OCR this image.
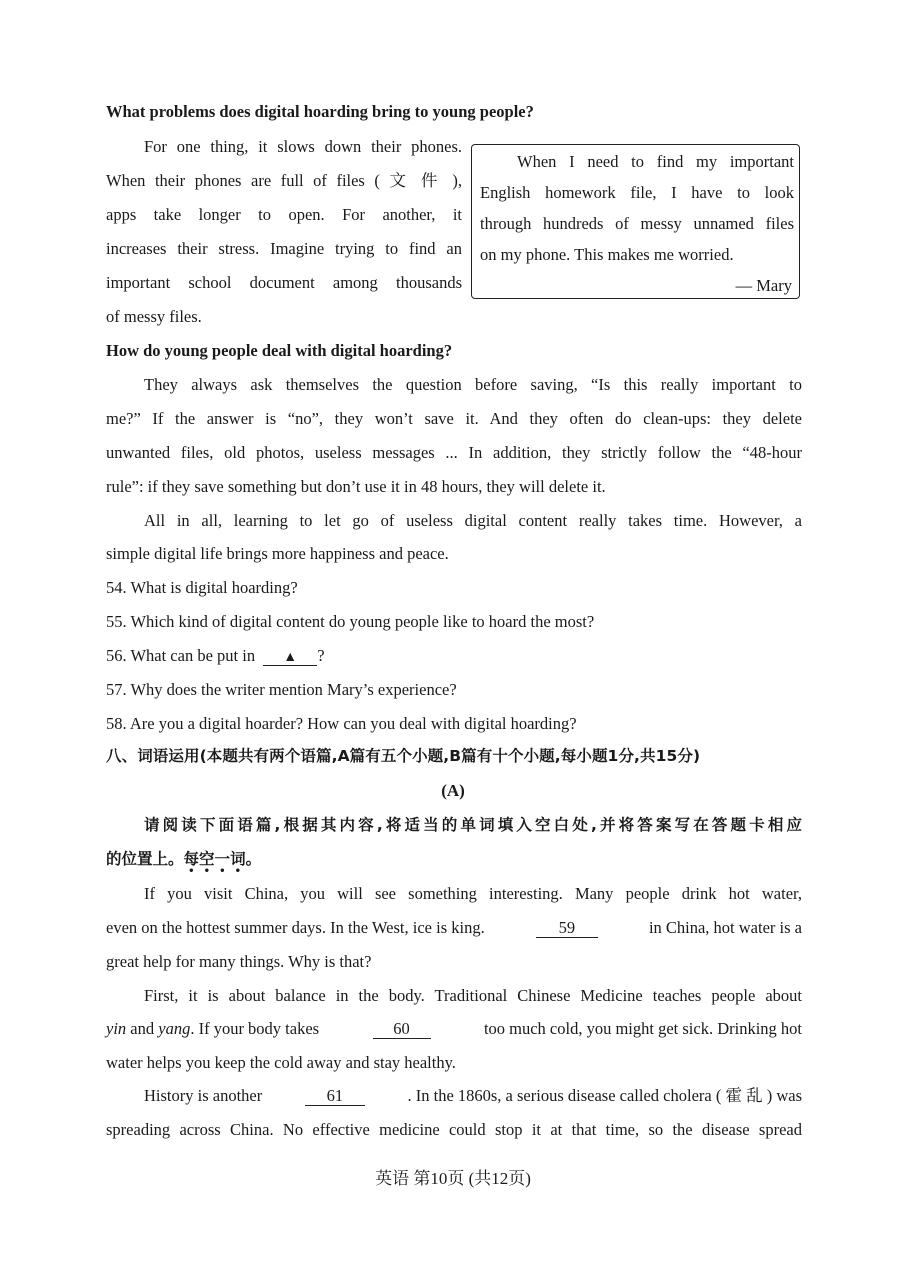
What problems does digital hoarding bring to young people?
For one thing, it slows down their phones.
When their phones are full of files ( 文 件 ),
apps take longer to open. For another, it
increases their stress. Imagine trying to find an
important school document among thousands
of messy files.
When I need to find my important
English homework file, I have to look
through hundreds of messy unnamed files
on my phone. This makes me worried.
— Mary
How do young people deal with digital hoarding?
They always ask themselves the question before saving, “Is this really important to
me?” If the answer is “no”, they won’t save it. And they often do clean-ups: they delete
unwanted files, old photos, useless messages ... In addition, they strictly follow the “48-hour
rule”: if they save something but don’t use it in 48 hours, they will delete it.
All in all, learning to let go of useless digital content really takes time. However, a
simple digital life brings more happiness and peace.
54. What is digital hoarding?
55. Which kind of digital content do young people like to hoard the most?
56. What can be put in ▲ ?
57. Why does the writer mention Mary’s experience?
58. Are you a digital hoarder? How can you deal with digital hoarding?
八、词语运用(本题共有两个语篇,A篇有五个小题,B篇有十个小题,每小题1分,共15分)
(A)
请阅读下面语篇,根据其内容,将适当的单词填入空白处,并将答案写在答题卡相应
的位置上。每空一词。
If you visit China, you will see something interesting. Many people drink hot water,
even on the hottest summer days. In the West, ice is king.	59	in China, hot water is a
great help for many things. Why is that?
First, it is about balance in the body. Traditional Chinese Medicine teaches people about
yin and yang. If your body takes	60	too much cold, you might get sick. Drinking hot
water helps you keep the cold away and stay healthy.
History is another	61	. In the 1860s, a serious disease called cholera ( 霍 乱 ) was
spreading across China. No effective medicine could stop it at that time, so the disease spread
英语 第10页 (共12页)
